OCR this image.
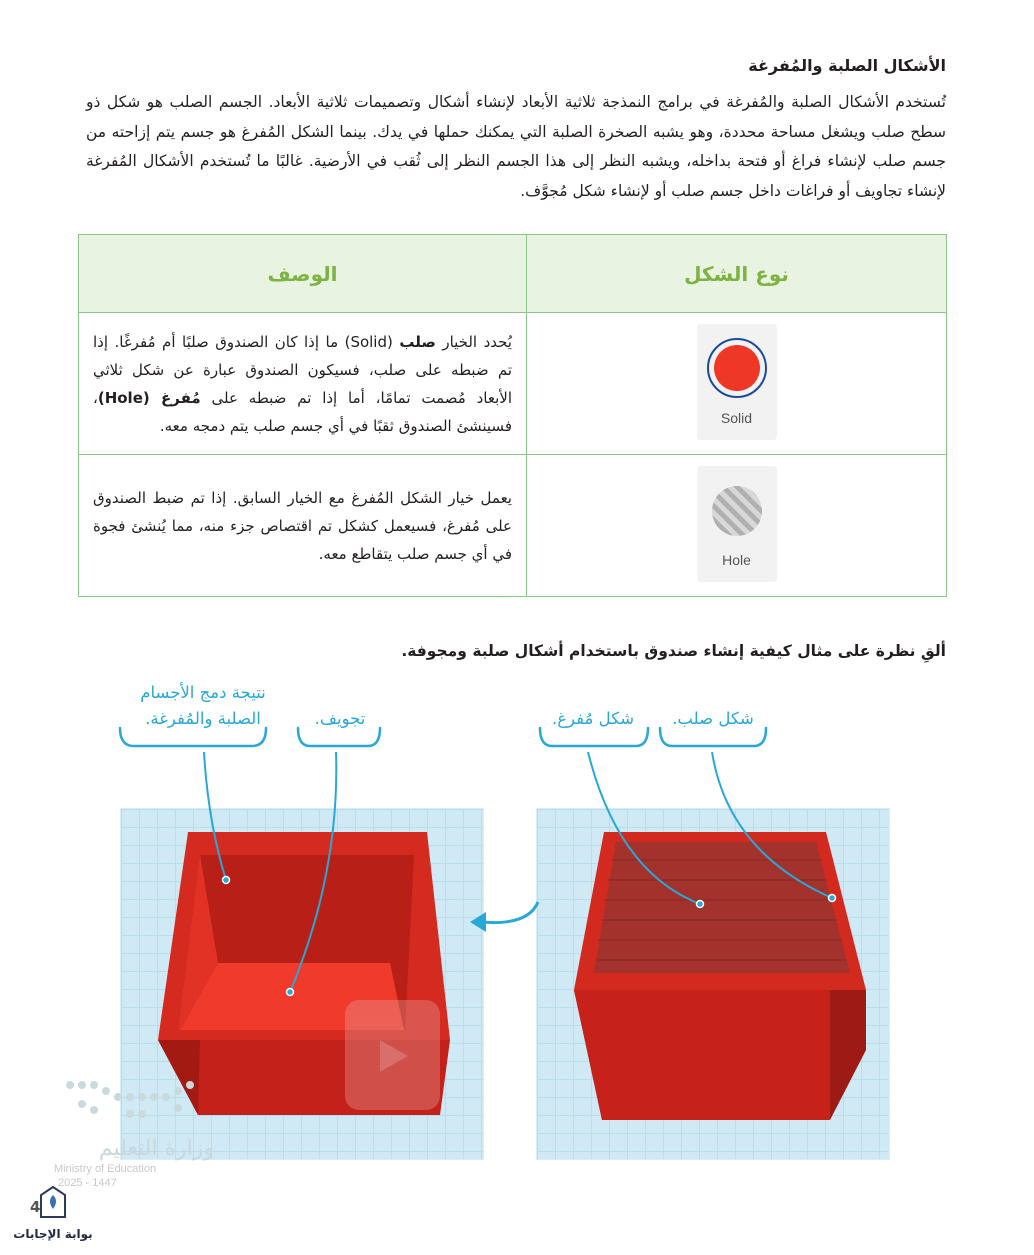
الأشكال الصلبة والمُفرغة

تُستخدم الأشكال الصلبة والمُفرغة في برامج النمذجة ثلاثية الأبعاد لإنشاء أشكال وتصميمات ثلاثية الأبعاد. الجسم الصلب هو شكل ذو سطح صلب ويشغل مساحة محددة، وهو يشبه الصخرة الصلبة التي يمكنك حملها في يدك. بينما الشكل المُفرغ هو جسم يتم إزاحته من جسم صلب لإنشاء فراغ أو فتحة بداخله، ويشبه النظر إلى هذا الجسم النظر إلى ثُقب في الأرضية. غالبًا ما تُستخدم الأشكال المُفرغة لإنشاء تجاويف أو فراغات داخل جسم صلب أو لإنشاء شكل مُجوَّف.

نوع الشكل	الوصف

Solid	يُحدد الخيار صلب (Solid) ما إذا كان الصندوق صلبًا أم مُفرغًا. إذا تم ضبطه على صلب، فسيكون الصندوق عبارة عن شكل ثلاثي الأبعاد مُصمت تمامًا، أما إذا تم ضبطه على مُفرغ (Hole)، فسينشئ الصندوق ثقبًا في أي جسم صلب يتم دمجه معه.

Hole	يعمل خيار الشكل المُفرغ مع الخيار السابق. إذا تم ضبط الصندوق على مُفرغ، فسيعمل كشكل تم اقتصاص جزء منه، مما يُنشئ فجوة في أي جسم صلب يتقاطع معه.

ألقِ نظرة على مثال كيفية إنشاء صندوق باستخدام أشكال صلبة ومجوفة.

نتيجة دمج الأجسام الصلبة والمُفرغة.	تجويف.	شكل مُفرغ.	شكل صلب.
وزارة التعليم
Ministry of Education
2025 - 1447
بوابة الإجابات
4
